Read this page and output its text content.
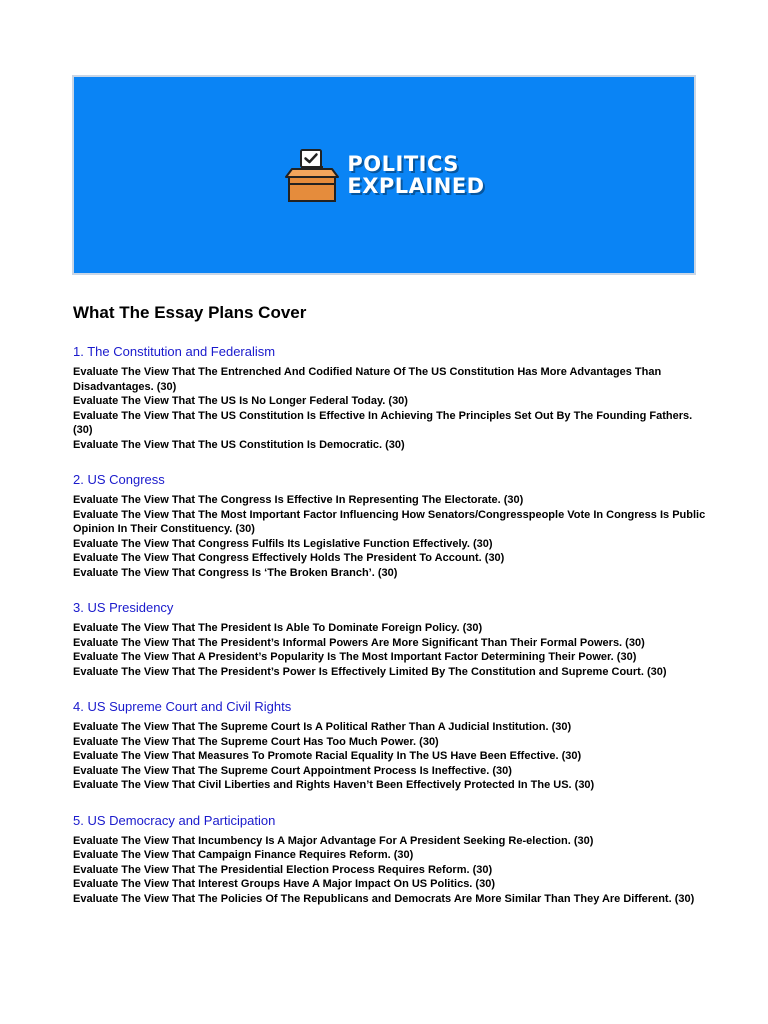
POLITICS
EXPLAINED
What The Essay Plans Cover
1. The Constitution and Federalism
Evaluate The View That The Entrenched And Codified Nature Of The US Constitution Has More Advantages Than Disadvantages. (30)
Evaluate The View That The US Is No Longer Federal Today. (30)
Evaluate The View That The US Constitution Is Effective In Achieving The Principles Set Out By The Founding Fathers. (30)
Evaluate The View That The US Constitution Is Democratic. (30)
2. US Congress
Evaluate The View That The Congress Is Effective In Representing The Electorate. (30)
Evaluate The View That The Most Important Factor Influencing How Senators/Congresspeople Vote In Congress Is Public Opinion In Their Constituency. (30)
Evaluate The View That Congress Fulfils Its Legislative Function Effectively. (30)
Evaluate The View That Congress Effectively Holds The President To Account. (30)
Evaluate The View That Congress Is ‘The Broken Branch’. (30)
3. US Presidency
Evaluate The View That The President Is Able To Dominate Foreign Policy. (30)
Evaluate The View That The President’s Informal Powers Are More Significant Than Their Formal Powers. (30)
Evaluate The View That A President’s Popularity Is The Most Important Factor Determining Their Power. (30)
Evaluate The View That The President’s Power Is Effectively Limited By The Constitution and Supreme Court. (30)
4. US Supreme Court and Civil Rights
Evaluate The View That The Supreme Court Is A Political Rather Than A Judicial Institution. (30)
Evaluate The View That The Supreme Court Has Too Much Power. (30)
Evaluate The View That Measures To Promote Racial Equality In The US Have Been Effective. (30)
Evaluate The View That The Supreme Court Appointment Process Is Ineffective. (30)
Evaluate The View That Civil Liberties and Rights Haven’t Been Effectively Protected In The US. (30)
5. US Democracy and Participation
Evaluate The View That Incumbency Is A Major Advantage For A President Seeking Re-election. (30)
Evaluate The View That Campaign Finance Requires Reform. (30)
Evaluate The View That The Presidential Election Process Requires Reform. (30)
Evaluate The View That Interest Groups Have A Major Impact On US Politics. (30)
Evaluate The View That The Policies Of The Republicans and Democrats Are More Similar Than They Are Different. (30)
